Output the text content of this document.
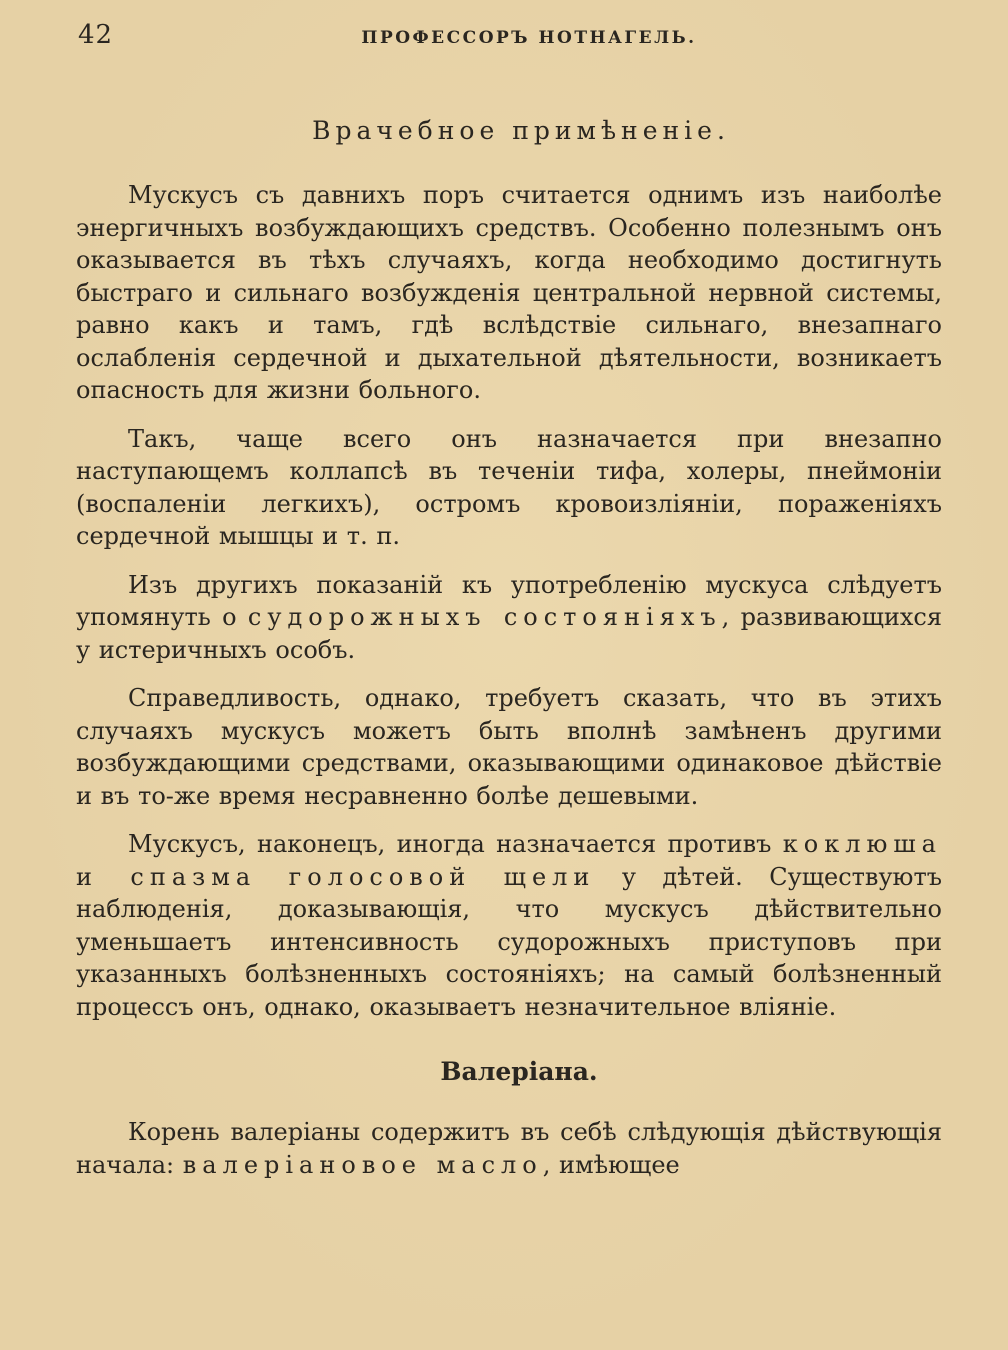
42	ПРОФЕССОРЪ НОТНАГЕЛЬ.
Врачебное примѣненіе.

Мускусъ съ давнихъ поръ считается однимъ изъ наиболѣе энергичныхъ возбуждающихъ средствъ. Особенно полезнымъ онъ оказывается въ тѣхъ случаяхъ, когда необходимо достигнуть быстраго и сильнаго возбужденія центральной нервной системы, равно какъ и тамъ, гдѣ вслѣдствіе сильнаго, внезапнаго ослабленія сердечной и дыхательной дѣятельности, возникаетъ опасность для жизни больного.

Такъ, чаще всего онъ назначается при внезапно наступающемъ коллапсѣ въ теченіи тифа, холеры, пнеймоніи (воспаленіи легкихъ), остромъ кровоизліяніи, пораженіяхъ сердечной мышцы и т. п.

Изъ другихъ показаній къ употребленію мускуса слѣдуетъ упомянуть о судорожныхъ состояніяхъ, развивающихся у истеричныхъ особъ.

Справедливость, однако, требуетъ сказать, что въ этихъ случаяхъ мускусъ можетъ быть вполнѣ замѣненъ другими возбуждающими средствами, оказывающими одинаковое дѣйствіе и въ то-же время несравненно болѣе дешевыми.

Мускусъ, наконецъ, иногда назначается противъ коклюша и спазма голосовой щели у дѣтей. Существуютъ наблюденія, доказывающія, что мускусъ дѣйствительно уменьшаетъ интенсивность судорожныхъ приступовъ при указанныхъ болѣзненныхъ состояніяхъ; на самый болѣзненный процессъ онъ, однако, оказываетъ незначительное вліяніе.

Валеріана.

Корень валеріаны содержитъ въ себѣ слѣдующія дѣйствующія начала: валеріановое масло, имѣющее
